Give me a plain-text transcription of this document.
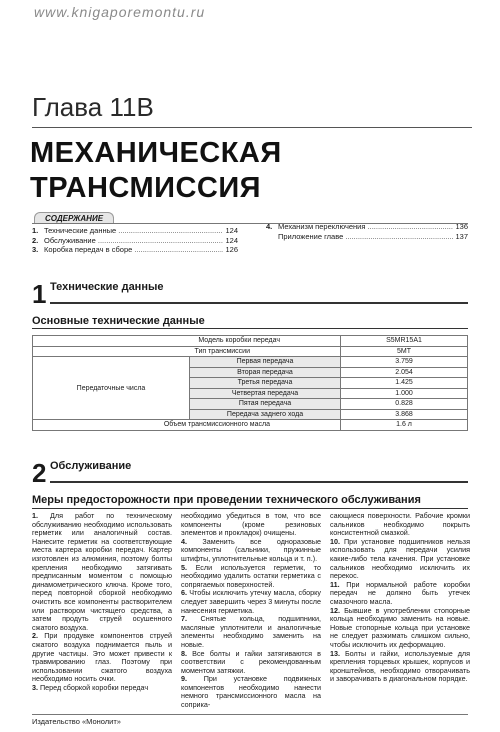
www.knigaporemontu.ru
Глава 11B
МЕХАНИЧЕСКАЯ
ТРАНСМИССИЯ
СОДЕРЖАНИЕ
1. Технические данные .....	124
2. Обслуживание .....	124
3. Коробка передач в сборе .....	126
4. Механизм переключения .....	136
Приложение главе .....	137
1 Технические данные
Основные технические данные
Модель коробки передач		S5MR15A1
Тип трансмиссии		5МТ
Передаточные числа	Первая передача	3.759
	Вторая передача	2.054
	Третья передача	1.425
	Четвертая передача	1.000
	Пятая передача	0.828
	Передача заднего хода	3.868
Объем трансмиссионного масла		1.6 л
2 Обслуживание
Меры предосторожности при проведении технического обслуживания

1. Для работ по техническому обслуживанию необходимо использовать герметик или аналогичный состав. Нанесите герметик на соответствующие места картера коробки передач. Картер изготовлен из алюминия, поэтому болты крепления необходимо затягивать предписанным моментом с помощью динамометрического ключа. Кроме того, перед повторной сборкой необходимо очистить все компоненты растворителем или раствором чистящего средства, а затем продуть струей осушенного сжатого воздуха.

2. При продувке компонентов струей сжатого воздуха поднимается пыль и другие частицы. Это может привести к травмированию глаз. Поэтому при использовании сжатого воздуха необходимо носить очки.

3. Перед сборкой коробки передач

необходимо убедиться в том, что все компоненты (кроме резиновых элементов и прокладок) очищены.

4. Заменить все одноразовые компоненты (сальники, пружинные штифты, уплотнительные кольца и т. п.).

5. Если используется герметик, то необходимо удалить остатки герметика с сопрягаемых поверхностей.

6. Чтобы исключить утечку масла, сборку следует завершить через 3 минуты после нанесения герметика.

7. Снятые кольца, подшипники, масляные уплотнители и аналогичные элементы необходимо заменить на новые.

8. Все болты и гайки затягиваются в соответствии с рекомендованным моментом затяжки.

9. При установке подвижных компонентов необходимо нанести немного трансмиссионного масла на соприка-

сающиеся поверхности. Рабочие кромки сальников необходимо покрыть консистентной смазкой.

10. При установке подшипников нельзя использовать для передачи усилия какие-либо тела качения. При установке сальников необходимо исключить их перекос.

11. При нормальной работе коробки передач не должно быть утечек смазочного масла.

12. Бывшие в употреблении стопорные кольца необходимо заменить на новые. Новые стопорные кольца при установке не следует разжимать слишком сильно, чтобы исключить их деформацию.

13. Болты и гайки, используемые для крепления торцевых крышек, корпусов и кронштейнов, необходимо отворачивать и заворачивать в диагональном порядке.

Издательство «Монолит»
